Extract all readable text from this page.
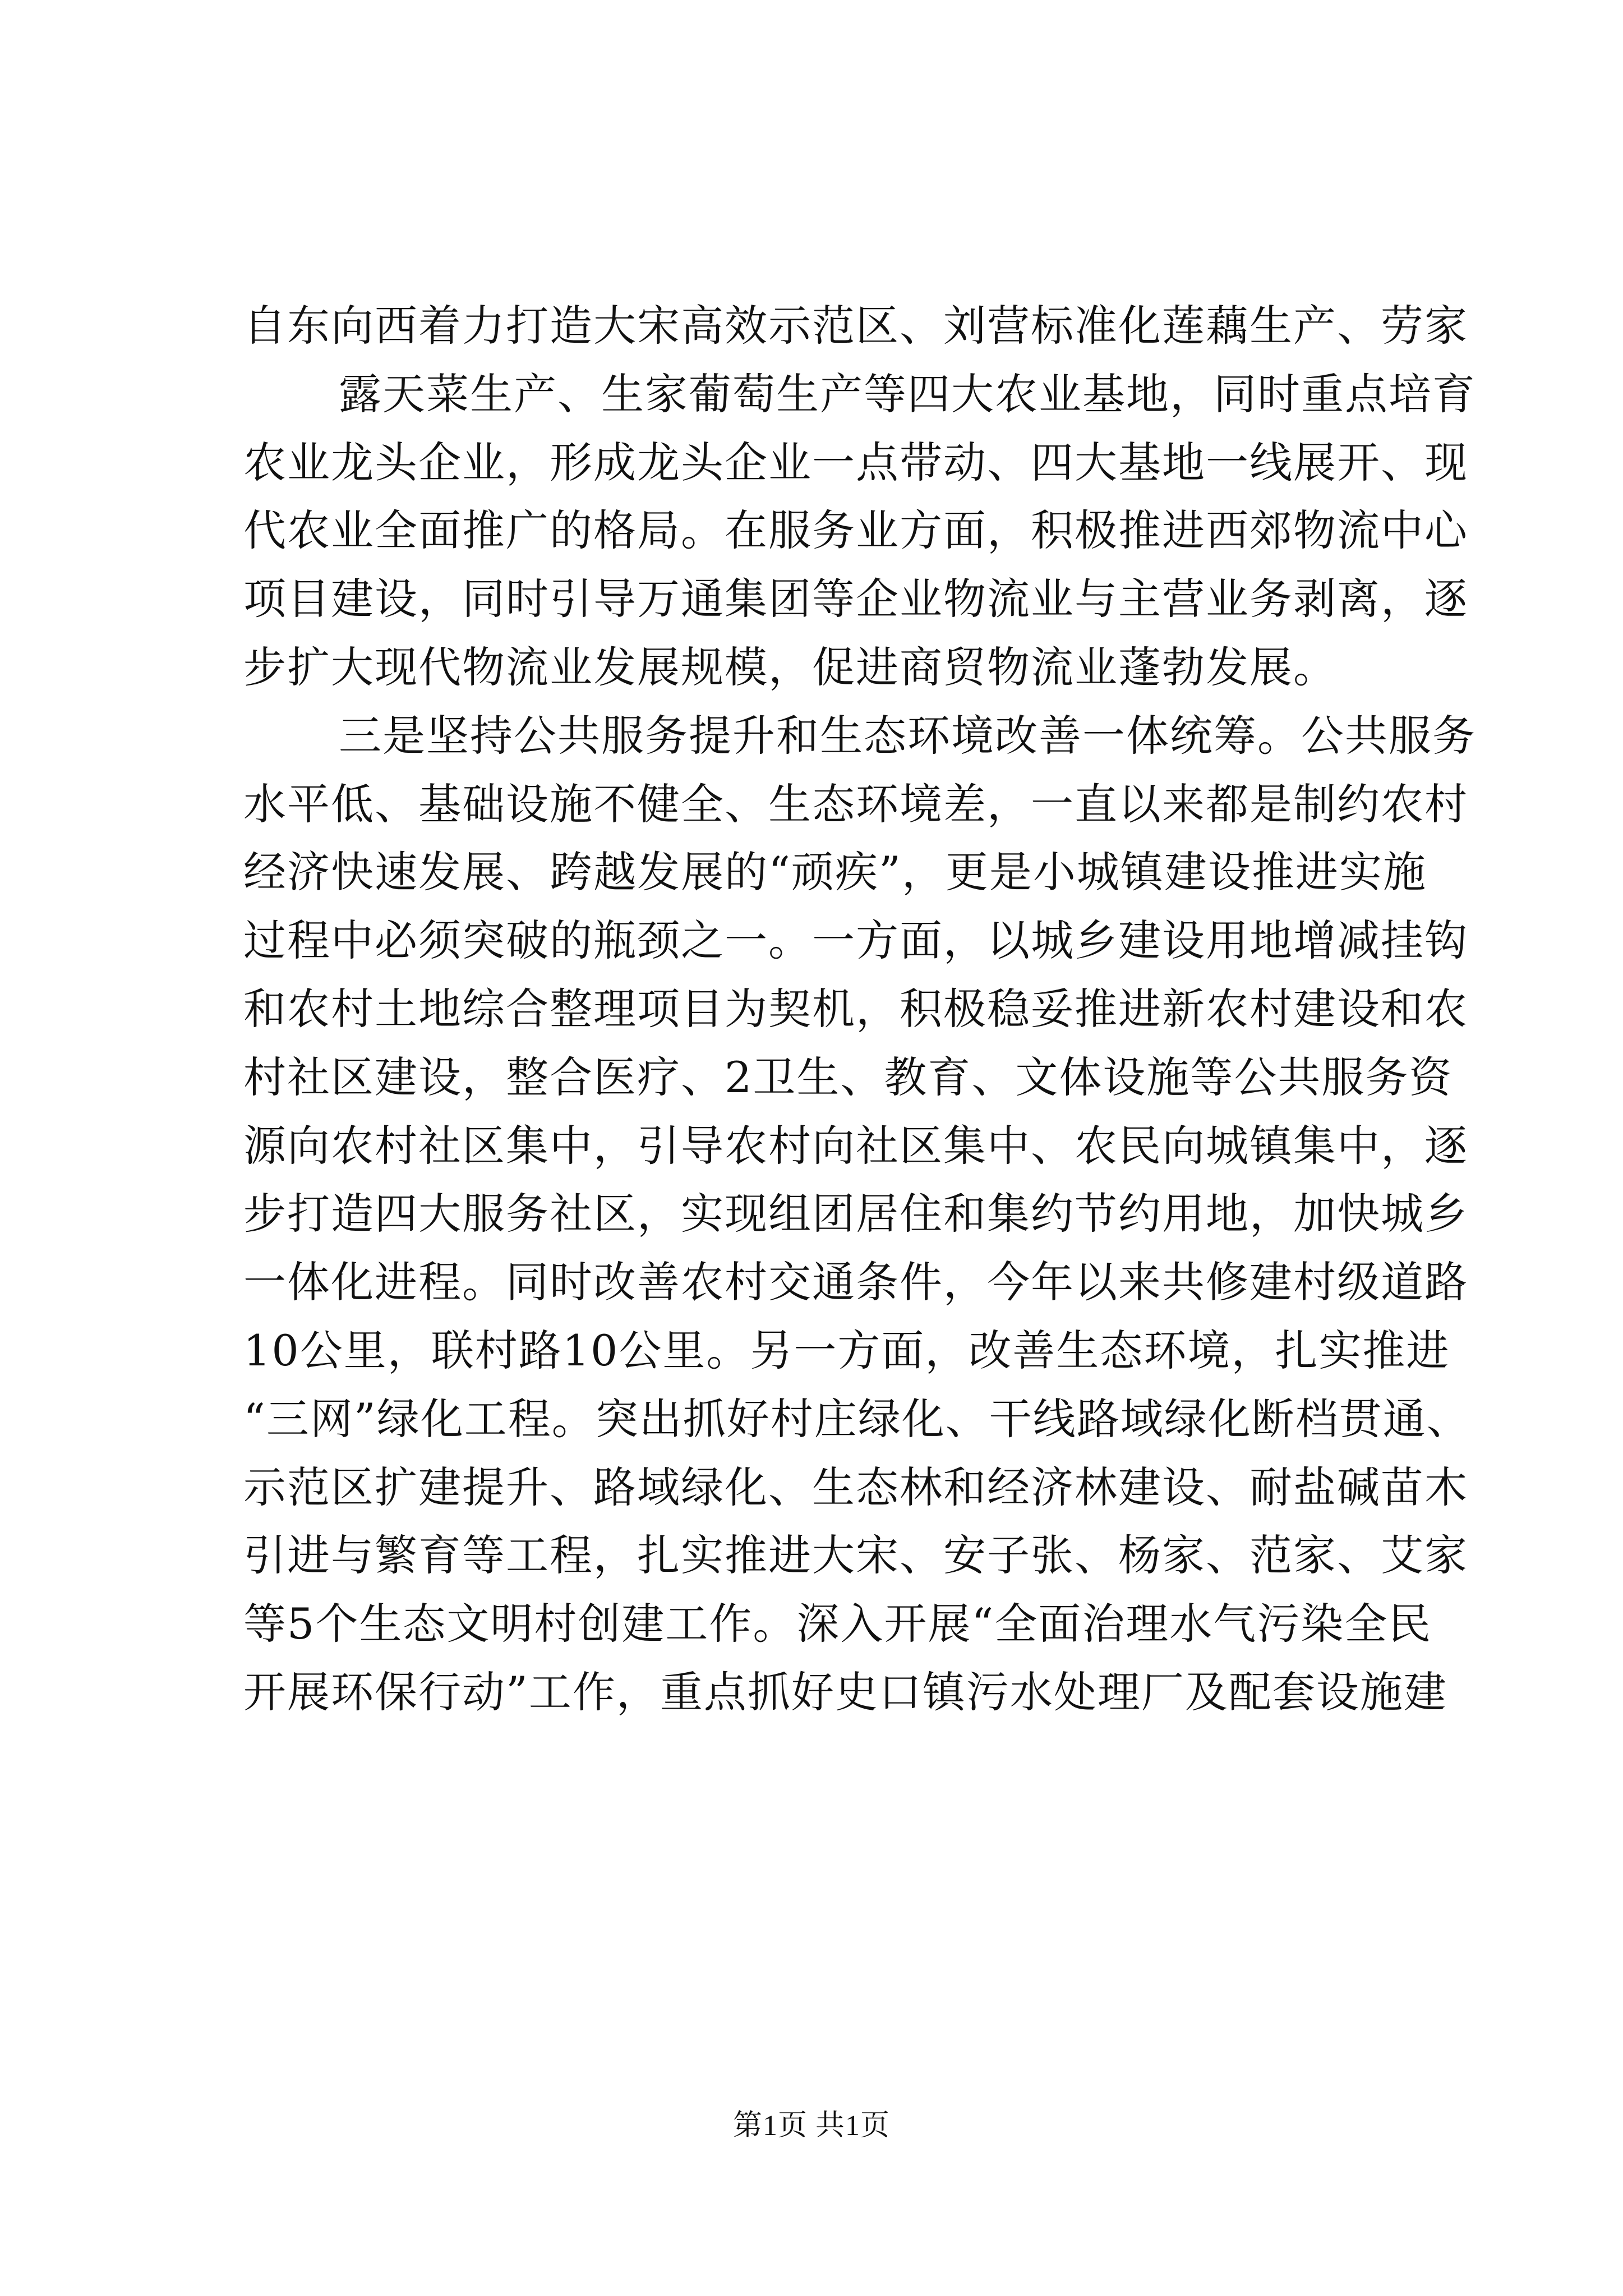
自东向西着力打造大宋高效示范区、刘营标准化莲藕生产、劳家
露天菜生产、生家葡萄生产等四大农业基地，同时重点培育
农业龙头企业，形成龙头企业一点带动、四大基地一线展开、现
代农业全面推广的格局。在服务业方面，积极推进西郊物流中心
项目建设，同时引导万通集团等企业物流业与主营业务剥离，逐
步扩大现代物流业发展规模，促进商贸物流业蓬勃发展。
三是坚持公共服务提升和生态环境改善一体统筹。公共服务
水平低、基础设施不健全、生态环境差，一直以来都是制约农村
经济快速发展、跨越发展的“顽疾”，更是小城镇建设推进实施
过程中必须突破的瓶颈之一。一方面，以城乡建设用地增减挂钩
和农村土地综合整理项目为契机，积极稳妥推进新农村建设和农
村社区建设，整合医疗、2卫生、教育、文体设施等公共服务资
源向农村社区集中，引导农村向社区集中、农民向城镇集中，逐
步打造四大服务社区，实现组团居住和集约节约用地，加快城乡
一体化进程。同时改善农村交通条件，今年以来共修建村级道路
10公里，联村路10公里。另一方面，改善生态环境，扎实推进
“三网”绿化工程。突出抓好村庄绿化、干线路域绿化断档贯通、
示范区扩建提升、路域绿化、生态林和经济林建设、耐盐碱苗木
引进与繁育等工程，扎实推进大宋、安子张、杨家、范家、艾家
等5个生态文明村创建工作。深入开展“全面治理水气污染全民
开展环保行动”工作，重点抓好史口镇污水处理厂及配套设施建
第1页 共1页
